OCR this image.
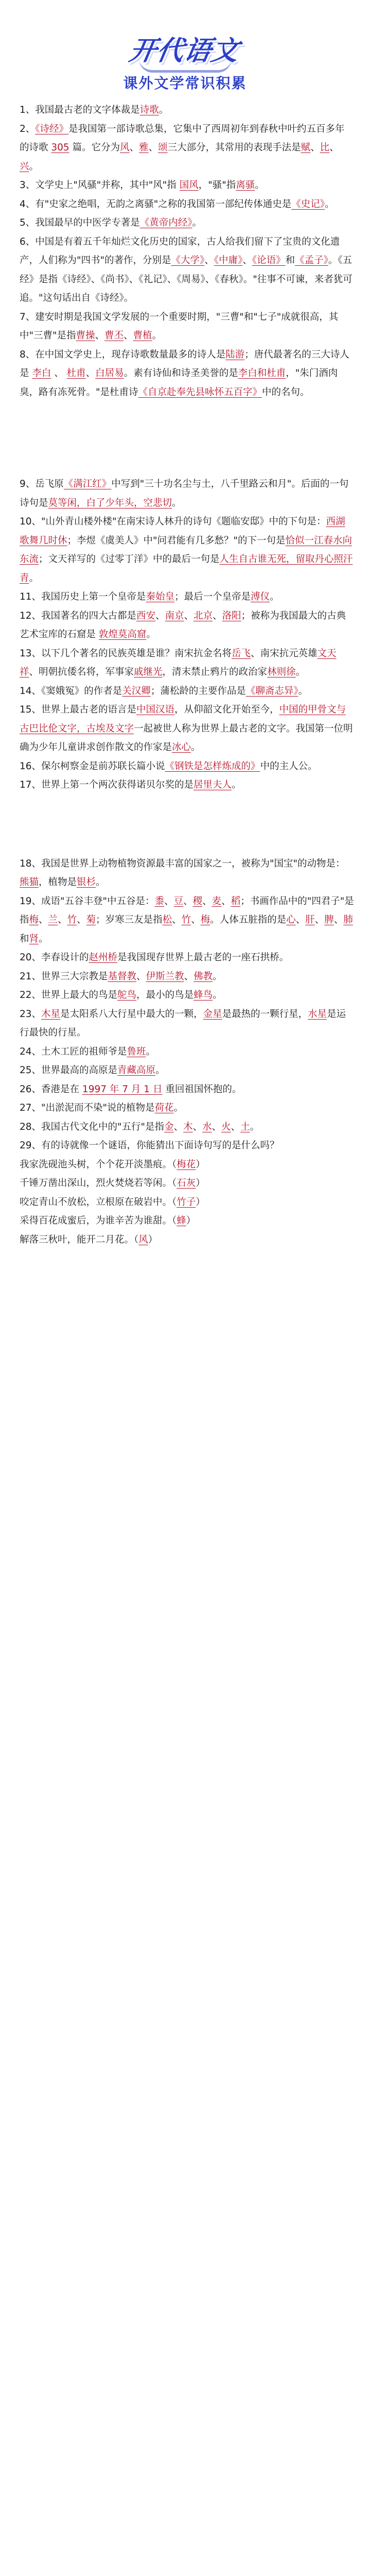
开代语文
课外文学常识积累

1、我国最古老的文字体裁是诗歌。

2、《诗经》是我国第一部诗歌总集，它集中了西周初年到春秋中叶约五百多年的诗歌 305 篇。它分为风、雅、颂三大部分，其常用的表现手法是赋、比、兴。

3、文学史上"风骚"并称，其中"风"指 国风，"骚"指离骚。

4、有"史家之绝唱，无韵之离骚"之称的我国第一部纪传体通史是《史记》。

5、我国最早的中医学专著是《黄帝内经》。

6、中国是有着五千年灿烂文化历史的国家，古人给我们留下了宝贵的文化遗产，人们称为"四书"的著作，分别是《大学》、《中庸》、《论语》和《孟子》。《五经》是指《诗经》、《尚书》、《礼记》、《周易》、《春秋》。"往事不可谏，来者犹可追。"这句话出自《诗经》。

7、建安时期是我国文学发展的一个重要时期，"三曹"和"七子"成就很高，其中"三曹"是指曹操、曹丕、曹植。

8、在中国文学史上，现存诗歌数量最多的诗人是陆游；唐代最著名的三大诗人是 李白 、 杜甫、白居易。素有诗仙和诗圣美誉的是李白和杜甫，"朱门酒肉臭，路有冻死骨。"是杜甫诗《自京赴奉先县咏怀五百字》中的名句。

9、岳飞原《满江红》中写到"三十功名尘与土，八千里路云和月"。后面的一句诗句是莫等闲，白了少年头，空悲切。

10、"山外青山楼外楼"在南宋诗人林升的诗句《题临安邸》中的下句是：西湖歌舞几时休；李煜《虞美人》中"问君能有几多愁？"的下一句是恰似一江春水向东流；文天祥写的《过零丁洋》中的最后一句是人生自古谁无死，留取丹心照汗青。

11、我国历史上第一个皇帝是秦始皇；最后一个皇帝是溥仪。

12、我国著名的四大古都是西安、南京、北京、洛阳；被称为我国最大的古典艺术宝库的石窟是 敦煌莫高窟。

13、以下几个著名的民族英雄是谁？南宋抗金名将岳飞、南宋抗元英雄文天祥、明朝抗倭名将，军事家戚继光，清末禁止鸦片的政治家林则徐。

14、《窦娥冤》的作者是关汉卿；蒲松龄的主要作品是《聊斋志异》。

15、世界上最古老的语言是中国汉语，从仰韶文化开始至今，中国的甲骨文与古巴比伦文字，古埃及文字一起被世人称为世界上最古老的文字。我国第一位明确为少年儿童讲求创作散文的作家是冰心。

16、保尔柯察金是前苏联长篇小说《钢铁是怎样炼成的》中的主人公。

17、世界上第一个两次获得诺贝尔奖的是居里夫人。

18、我国是世界上动物植物资源最丰富的国家之一，被称为"国宝"的动物是：熊猫，植物是银杉。

19、成语"五谷丰登"中五谷是：黍、豆、稷、麦、稻；书画作品中的"四君子"是指梅、兰、竹、菊；岁寒三友是指松、竹、梅。人体五脏指的是心、肝、脾、肺和肾。

20、李春设计的赵州桥是我国现存世界上最古老的一座石拱桥。

21、世界三大宗教是基督教、伊斯兰教、佛教。

22、世界上最大的鸟是鸵鸟，最小的鸟是蜂鸟。

23、木星是太阳系八大行星中最大的一颗，金星是最热的一颗行星，水星是运行最快的行星。

24、土木工匠的祖师爷是鲁班。

25、世界最高的高原是青藏高原。

26、香港是在 1997 年 7 月 1 日 重回祖国怀抱的。

27、"出淤泥而不染"说的植物是荷花。

28、我国古代文化中的"五行"是指金、木、水、火、土。

29、有的诗就像一个谜语，你能猜出下面诗句写的是什么吗？

我家洗砚池头树，个个花开淡墨痕。（梅花）

千锤万凿出深山，烈火焚烧若等闲。（石灰）

咬定青山不放松，立根原在破岩中。（竹子）

采得百花成蜜后，为谁辛苦为谁甜。（蜂）

解落三秋叶，能开二月花。（风）
